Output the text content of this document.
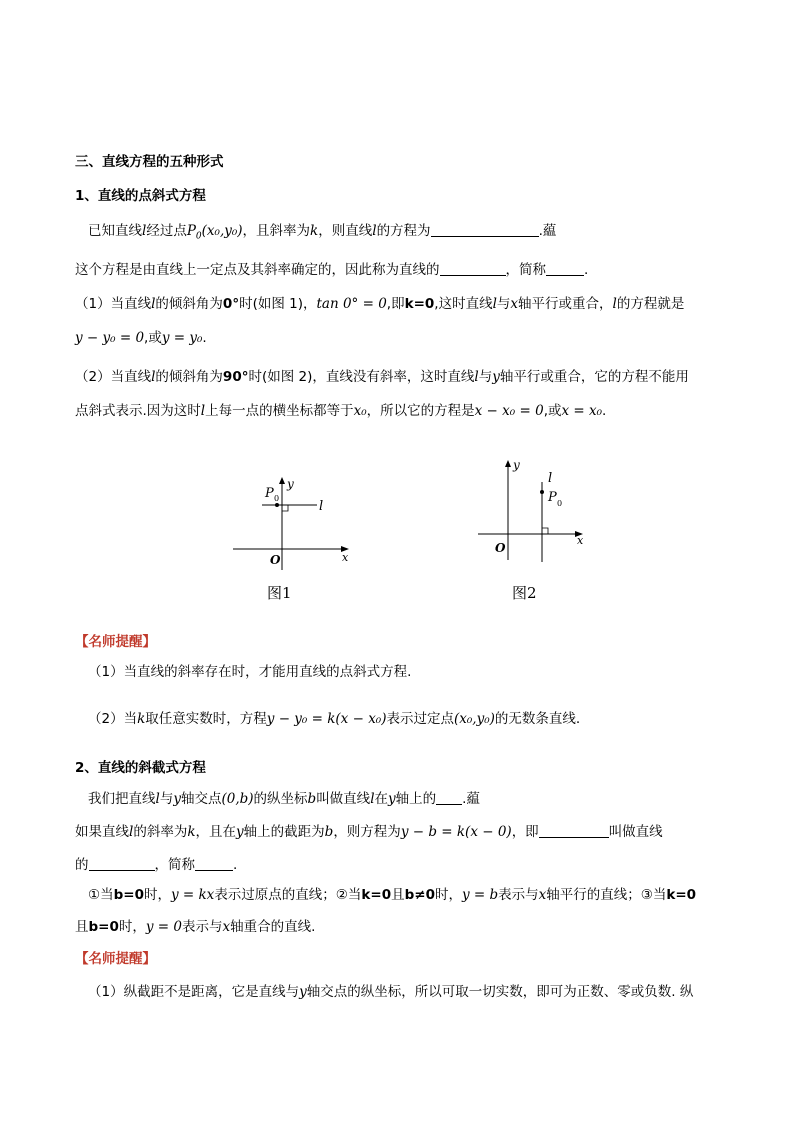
三、直线方程的五种形式
1、直线的点斜式方程
已知直线l经过点$P_0(x_0,y_0)$，且斜率为k，则直线l的方程为	.藴
这个方程是由直线上一定点及其斜率确定的，因此称为直线的	，简称	.
（1）当直线l的倾斜角为0°时(如图 1)，tan 0° = 0,即k=0,这时直线l与x轴平行或重合，l的方程就是
y − y₀ = 0,或y = y₀.
（2）当直线l的倾斜角为90°时(如图 2)，直线没有斜率，这时直线l与y轴平行或重合，它的方程不能用
点斜式表示.因为这时l上每一点的横坐标都等于x₀，所以它的方程是x − x₀ = 0,或x = x₀.
y
x
O
P 0
l
图1
y
x
O
P 0
l
图2
【名师提醒】
（1）当直线的斜率存在时，才能用直线的点斜式方程.
（2）当k取任意实数时，方程y − y₀ = k(x − x₀)表示过定点(x₀,y₀)的无数条直线.
2、直线的斜截式方程
我们把直线l与y轴交点(0,b)的纵坐标b叫做直线l在y轴上的 .藴
如果直线l的斜率为k，且在y轴上的截距为b，则方程为y − b = k(x − 0)，即	叫做直线
的	，简称	.
①当b=0时，y = kx表示过原点的直线；②当k=0且b≠0时，y = b表示与x轴平行的直线；③当k=0
且b=0时，y = 0表示与x轴重合的直线.
【名师提醒】
（1）纵截距不是距离，它是直线与y轴交点的纵坐标，所以可取一切实数，即可为正数、零或负数. 纵
